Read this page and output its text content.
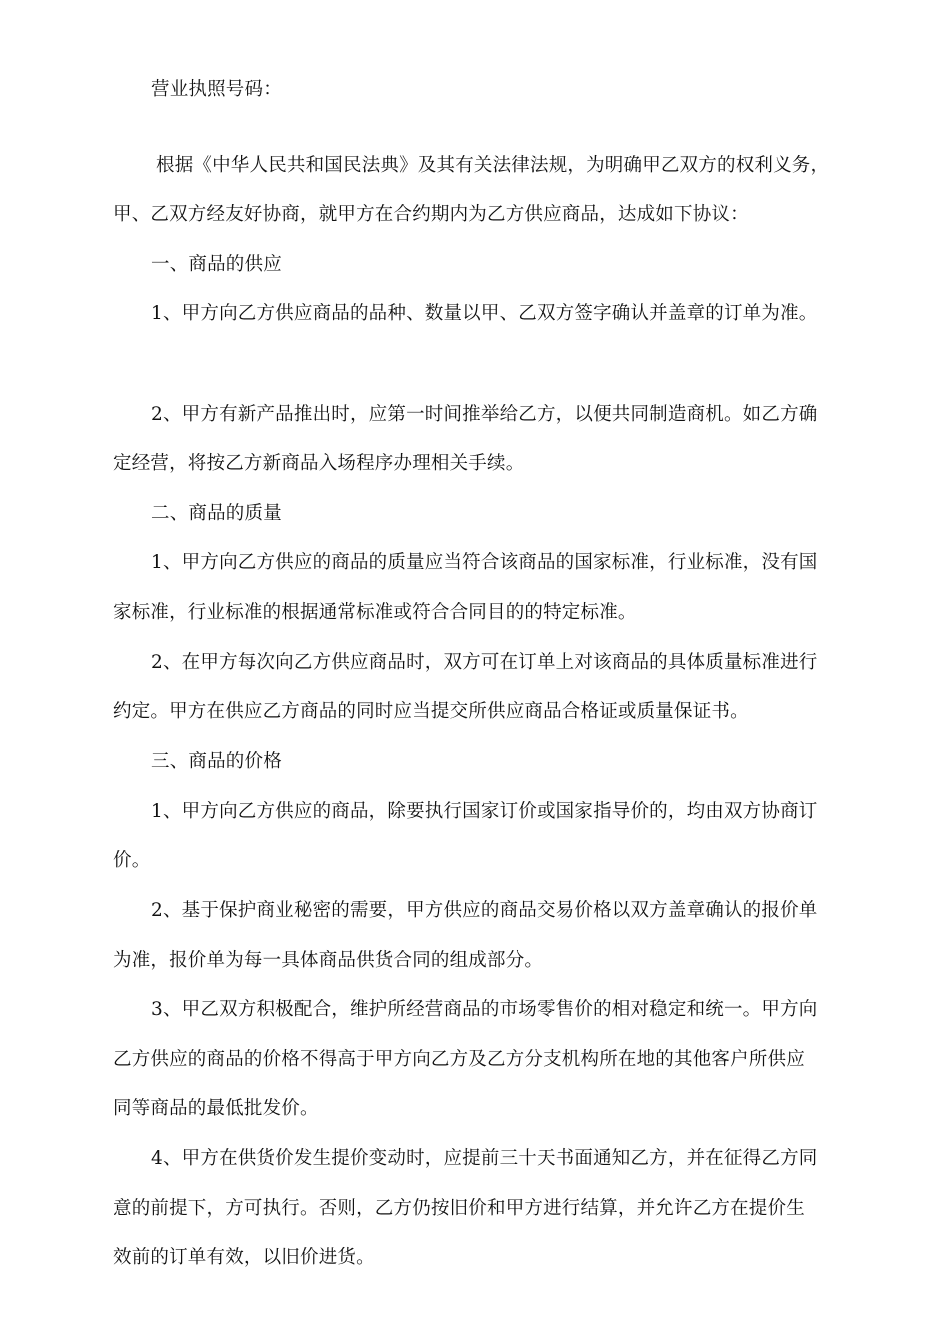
营业执照号码：
根据《中华人民共和国民法典》及其有关法律法规，为明确甲乙双方的权利义务，
甲、乙双方经友好协商，就甲方在合约期内为乙方供应商品，达成如下协议：
一、商品的供应
1、甲方向乙方供应商品的品种、数量以甲、乙双方签字确认并盖章的订单为准。
2、甲方有新产品推出时，应第一时间推举给乙方，以便共同制造商机。如乙方确
定经营，将按乙方新商品入场程序办理相关手续。
二、商品的质量
1、甲方向乙方供应的商品的质量应当符合该商品的国家标准，行业标准，没有国
家标准，行业标准的根据通常标准或符合合同目的的特定标准。
2、在甲方每次向乙方供应商品时，双方可在订单上对该商品的具体质量标准进行
约定。甲方在供应乙方商品的同时应当提交所供应商品合格证或质量保证书。
三、商品的价格
1、甲方向乙方供应的商品，除要执行国家订价或国家指导价的，均由双方协商订
价。
2、基于保护商业秘密的需要，甲方供应的商品交易价格以双方盖章确认的报价单
为准，报价单为每一具体商品供货合同的组成部分。
3、甲乙双方积极配合，维护所经营商品的市场零售价的相对稳定和统一。甲方向
乙方供应的商品的价格不得高于甲方向乙方及乙方分支机构所在地的其他客户所供应
同等商品的最低批发价。
4、甲方在供货价发生提价变动时，应提前三十天书面通知乙方，并在征得乙方同
意的前提下，方可执行。否则，乙方仍按旧价和甲方进行结算，并允许乙方在提价生
效前的订单有效，以旧价进货。
